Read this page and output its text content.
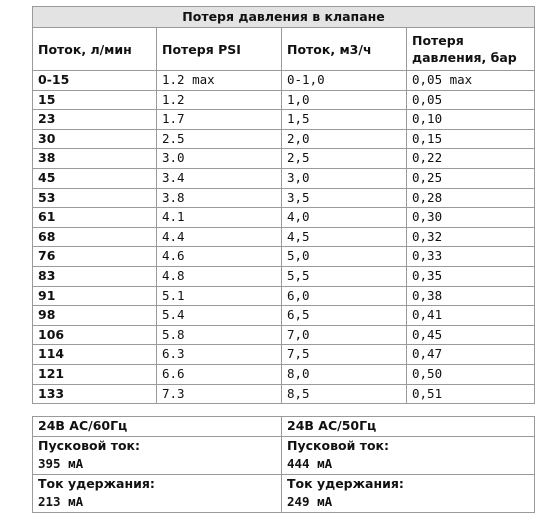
Потеря давления в клапане			
Поток, л/мин	Потеря PSI	Поток, м3/ч	Потеря давления, бар
0-15	1.2 max	0-1,0	0,05 max
15	1.2	1,0	0,05
23	1.7	1,5	0,10
30	2.5	2,0	0,15
38	3.0	2,5	0,22
45	3.4	3,0	0,25
53	3.8	3,5	0,28
61	4.1	4,0	0,30
68	4.4	4,5	0,32
76	4.6	5,0	0,33
83	4.8	5,5	0,35
91	5.1	6,0	0,38
98	5.4	6,5	0,41
106	5.8	7,0	0,45
114	6.3	7,5	0,47
121	6.6	8,0	0,50
133	7.3	8,5	0,51

24В АС/60Гц		24В АС/50Гц	
Пусковой ток:		Пусковой ток:	
395 мА		444 мА	
Ток удержания:		Ток удержания:	
213 мА		249 мА	
